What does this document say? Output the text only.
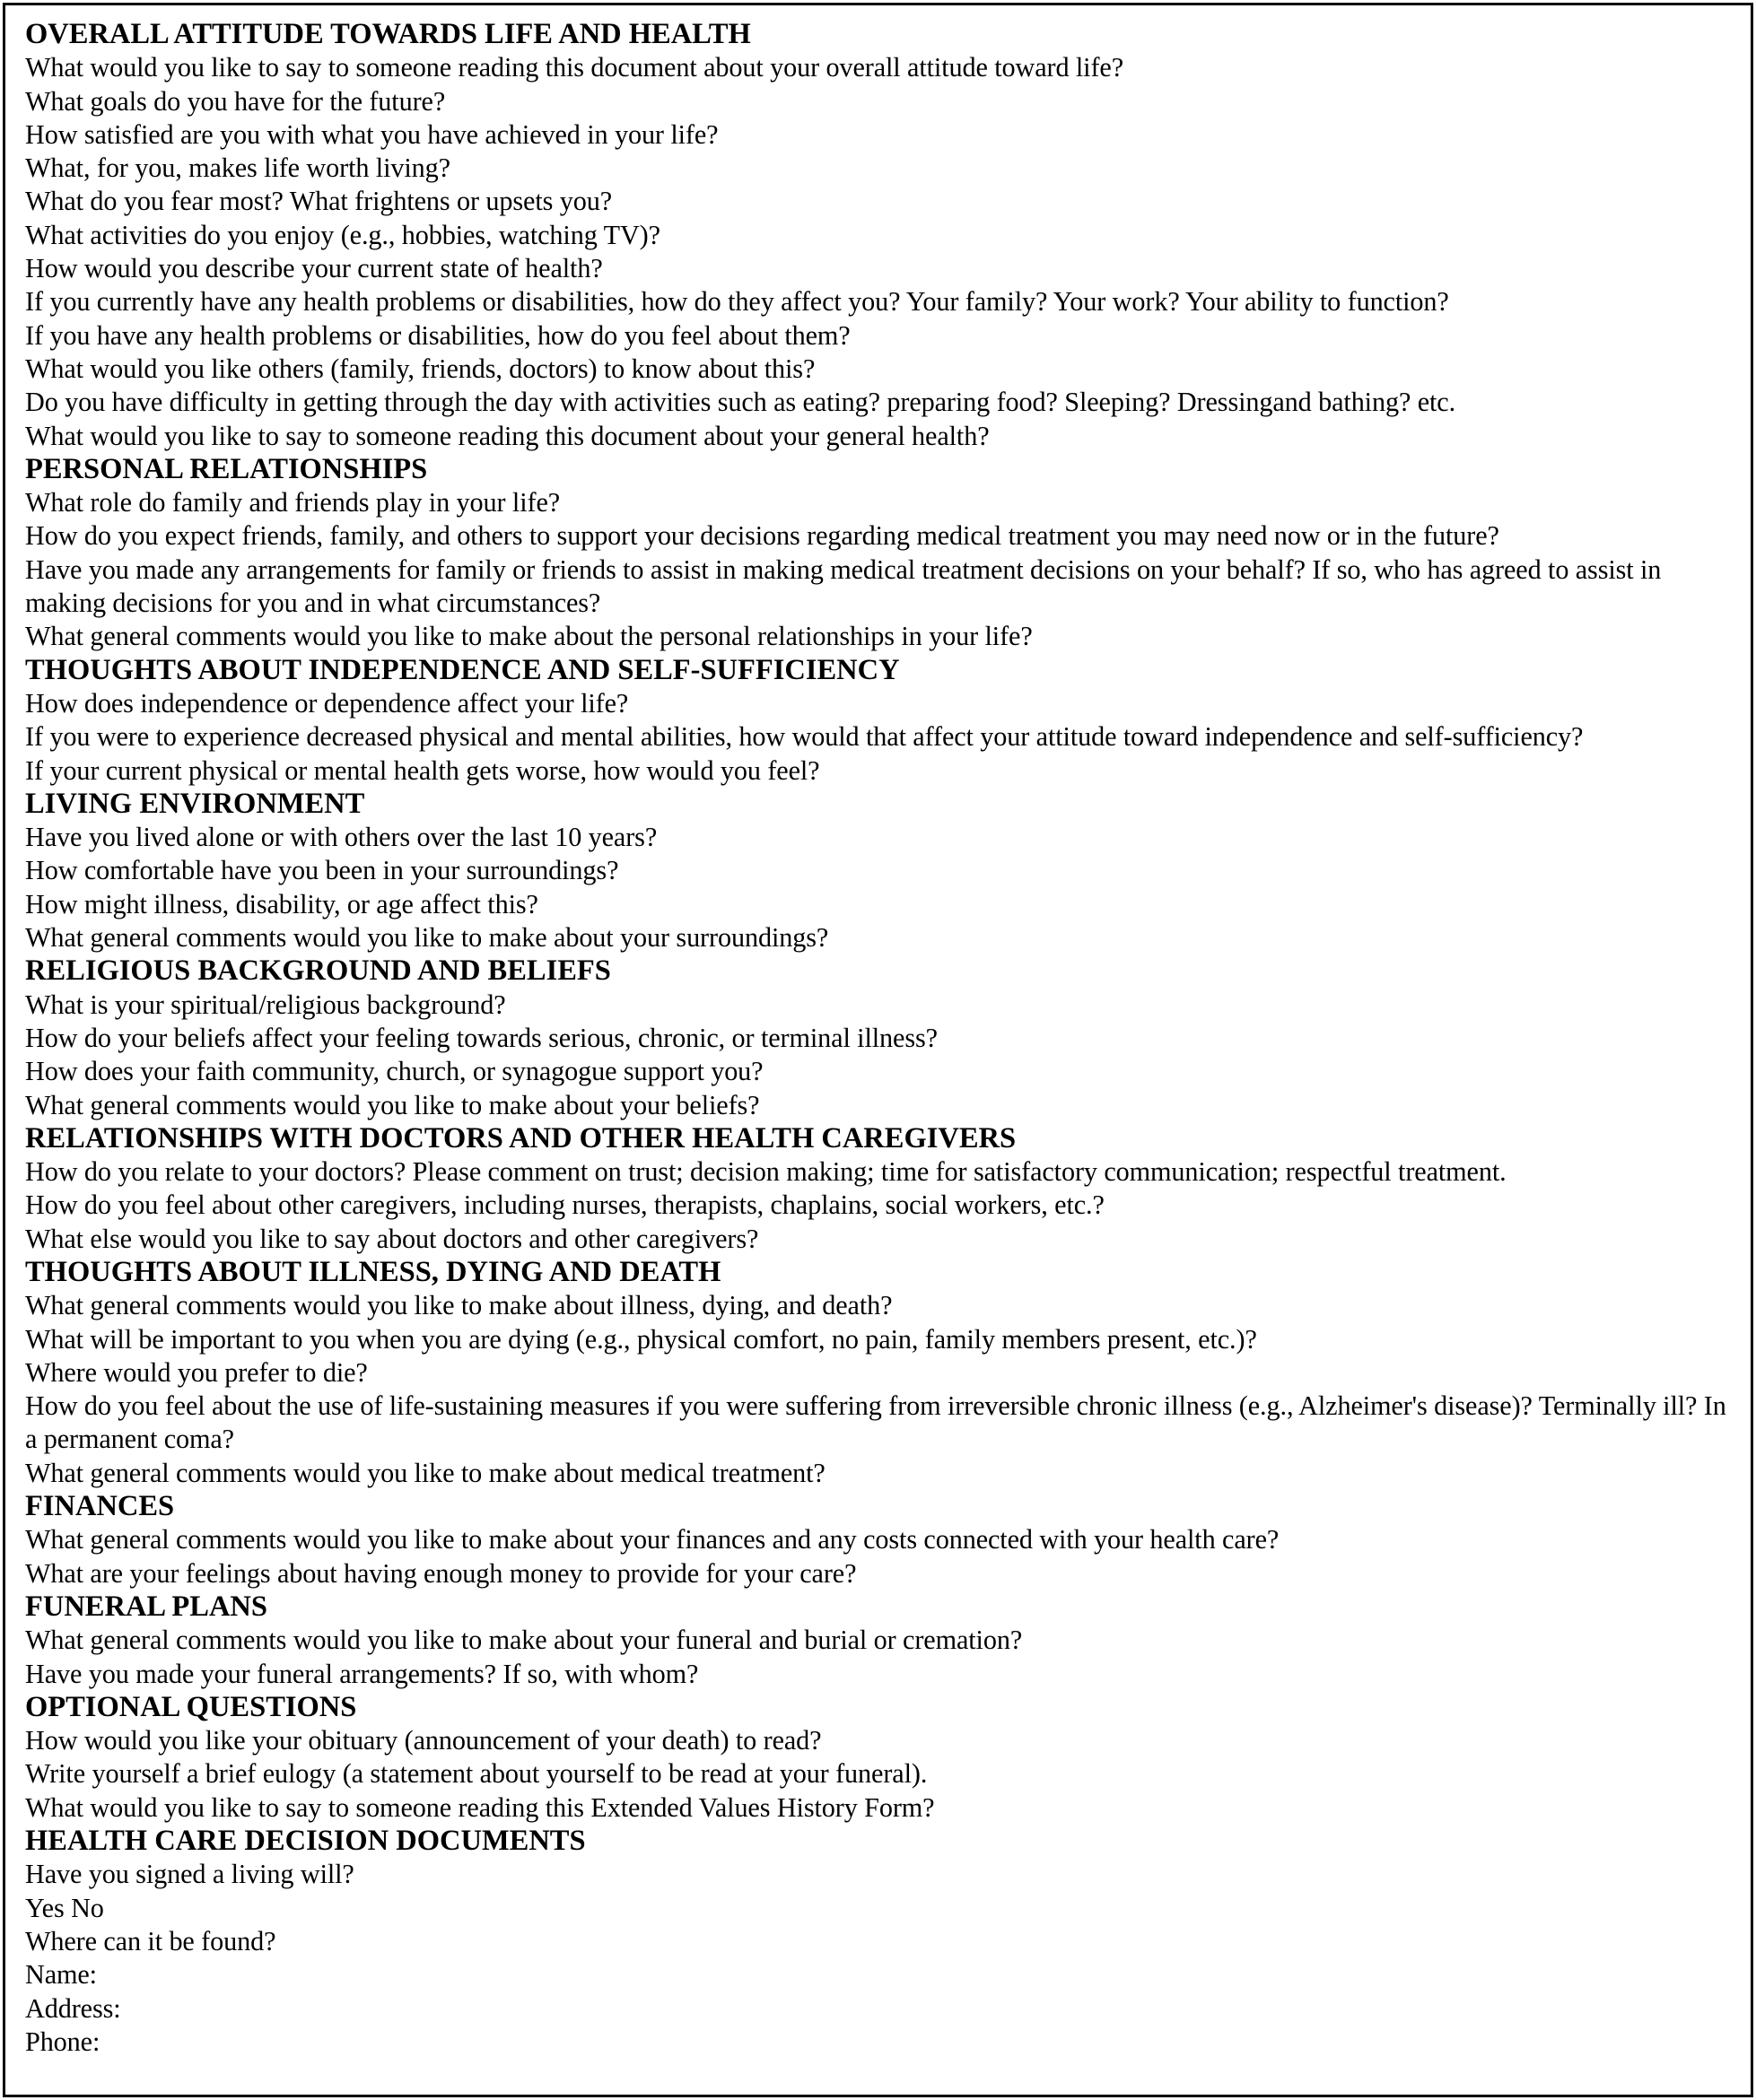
OVERALL ATTITUDE TOWARDS LIFE AND HEALTH
What would you like to say to someone reading this document about your overall attitude toward life?
What goals do you have for the future?
How satisfied are you with what you have achieved in your life?
What, for you, makes life worth living?
What do you fear most? What frightens or upsets you?
What activities do you enjoy (e.g., hobbies, watching TV)?
How would you describe your current state of health?
If you currently have any health problems or disabilities, how do they affect you? Your family? Your work? Your ability to function?
If you have any health problems or disabilities, how do you feel about them?
What would you like others (family, friends, doctors) to know about this?
Do you have difficulty in getting through the day with activities such as eating? preparing food? Sleeping? Dressingand bathing? etc.
What would you like to say to someone reading this document about your general health?
PERSONAL RELATIONSHIPS
What role do family and friends play in your life?
How do you expect friends, family, and others to support your decisions regarding medical treatment you may need now or in the future?
Have you made any arrangements for family or friends to assist in making medical treatment decisions on your behalf? If so, who has agreed to assist in making decisions for you and in what circumstances?
What general comments would you like to make about the personal relationships in your life?
THOUGHTS ABOUT INDEPENDENCE AND SELF-SUFFICIENCY
How does independence or dependence affect your life?
If you were to experience decreased physical and mental abilities, how would that affect your attitude toward independence and self-sufficiency?
If your current physical or mental health gets worse, how would you feel?
LIVING ENVIRONMENT
Have you lived alone or with others over the last 10 years?
How comfortable have you been in your surroundings?
How might illness, disability, or age affect this?
What general comments would you like to make about your surroundings?
RELIGIOUS BACKGROUND AND BELIEFS
What is your spiritual/religious background?
How do your beliefs affect your feeling towards serious, chronic, or terminal illness?
How does your faith community, church, or synagogue support you?
What general comments would you like to make about your beliefs?
RELATIONSHIPS WITH DOCTORS AND OTHER HEALTH CAREGIVERS
How do you relate to your doctors? Please comment on trust; decision making; time for satisfactory communication; respectful treatment.
How do you feel about other caregivers, including nurses, therapists, chaplains, social workers, etc.?
What else would you like to say about doctors and other caregivers?
THOUGHTS ABOUT ILLNESS, DYING AND DEATH
What general comments would you like to make about illness, dying, and death?
What will be important to you when you are dying (e.g., physical comfort, no pain, family members present, etc.)?
Where would you prefer to die?
How do you feel about the use of life-sustaining measures if you were suffering from irreversible chronic illness (e.g., Alzheimer's disease)? Terminally ill? In a permanent coma?
What general comments would you like to make about medical treatment?
FINANCES
What general comments would you like to make about your finances and any costs connected with your health care?
What are your feelings about having enough money to provide for your care?
FUNERAL PLANS
What general comments would you like to make about your funeral and burial or cremation?
Have you made your funeral arrangements? If so, with whom?
OPTIONAL QUESTIONS
How would you like your obituary (announcement of your death) to read?
Write yourself a brief eulogy (a statement about yourself to be read at your funeral).
What would you like to say to someone reading this Extended Values History Form?
HEALTH CARE DECISION DOCUMENTS
Have you signed a living will?
Yes No
Where can it be found?
Name:
Address:
Phone:
